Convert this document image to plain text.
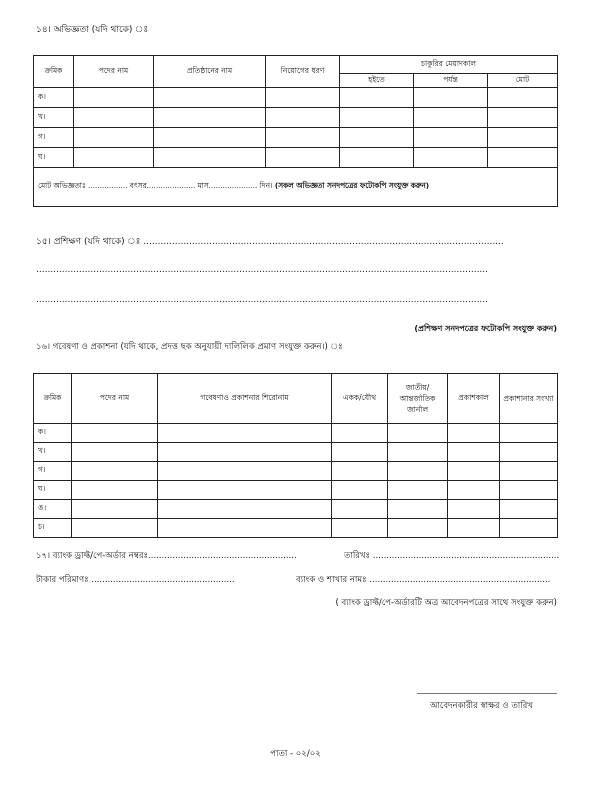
১৪। অভিজ্ঞতা (যদি থাকে) ঃ
ক্রমিক	পদের নাম	প্রতিষ্ঠানের নাম	নিয়োগের ধরণ	চাকুরির মেয়াদকাল		
				হইতে	পর্যন্ত	মোট
ক।						
খ।						
গ।						
ঘ।						
মোট অভিজ্ঞতাঃ ................. বৎসর..................... মাস..................... দিন। (সকল অভিজ্ঞতা সনদপত্রের ফটোকপি সংযুক্ত করুন)						
১৫। প্রশিক্ষণ (যদি থাকে) ঃ ..............................................................................................................................
..............................................................................................................................................................
..............................................................................................................................................................
(প্রশিক্ষণ সনদপত্রের ফটোকপি সংযুক্ত করুন)
১৬। গবেষণা ও প্রকাশনা (যদি থাকে, প্রদত্ত ছক অনুযায়ী দালিলিক প্রমাণ সংযুক্ত করুন।) ঃ
ক্রমিক	পদের নাম	গবেষণাও প্রকাশনার শিরোনাম	একক/যৌথ	জাতীয়/ আন্তর্জাতিক জার্নাল	প্রকাশকাল	প্রকাশানার সংখ্যা
ক।						
খ।						
গ।						
ঘ।						
ঙ।						
চ।						
১৭। ব্যাংক ড্রাফ্ট/পে-অর্ডার নম্বরঃ.......................................................	তারিখঃ .....................................................................
টাকার পরিমাণঃ .....................................................	ব্যাংক ও শাখার নামঃ ...................................................................
( ব্যাংক ড্রাফ্ট/পে-অর্ডারটি অত্র আবেদনপত্রের সাথে সংযুক্ত করুন)
আবেদনকারীর স্বাক্ষর ও তারিখ
পাতা - ০২/০২
